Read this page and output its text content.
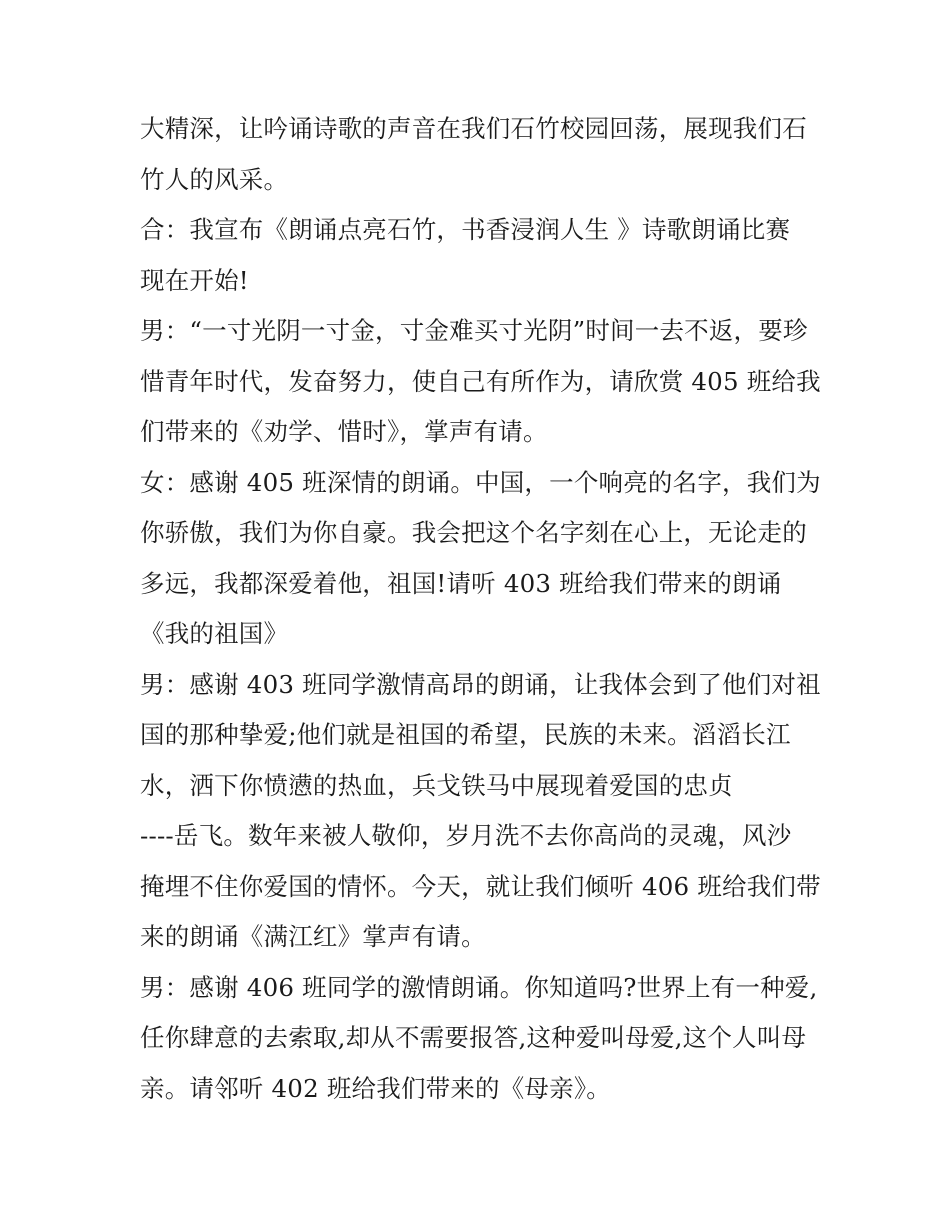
大精深，让吟诵诗歌的声音在我们石竹校园回荡，展现我们石
竹人的风采。
合：我宣布《朗诵点亮石竹，书香浸润人生 》诗歌朗诵比赛
现在开始!
男：“一寸光阴一寸金，寸金难买寸光阴”时间一去不返，要珍
惜青年时代，发奋努力，使自己有所作为，请欣赏 405 班给我
们带来的《劝学、惜时》，掌声有请。
女：感谢 405 班深情的朗诵。中国，一个响亮的名字，我们为
你骄傲，我们为你自豪。我会把这个名字刻在心上，无论走的
多远，我都深爱着他，祖国!请听 403 班给我们带来的朗诵
《我的祖国》
男：感谢 403 班同学激情高昂的朗诵，让我体会到了他们对祖
国的那种挚爱;他们就是祖国的希望，民族的未来。滔滔长江
水，洒下你愤懑的热血，兵戈铁马中展现着爱国的忠贞
----岳飞。数年来被人敬仰，岁月洗不去你高尚的灵魂，风沙
掩埋不住你爱国的情怀。今天，就让我们倾听 406 班给我们带
来的朗诵《满江红》掌声有请。
男：感谢 406 班同学的激情朗诵。你知道吗?世界上有一种爱,
任你肆意的去索取,却从不需要报答,这种爱叫母爱,这个人叫母
亲。请邻听 402 班给我们带来的《母亲》。
